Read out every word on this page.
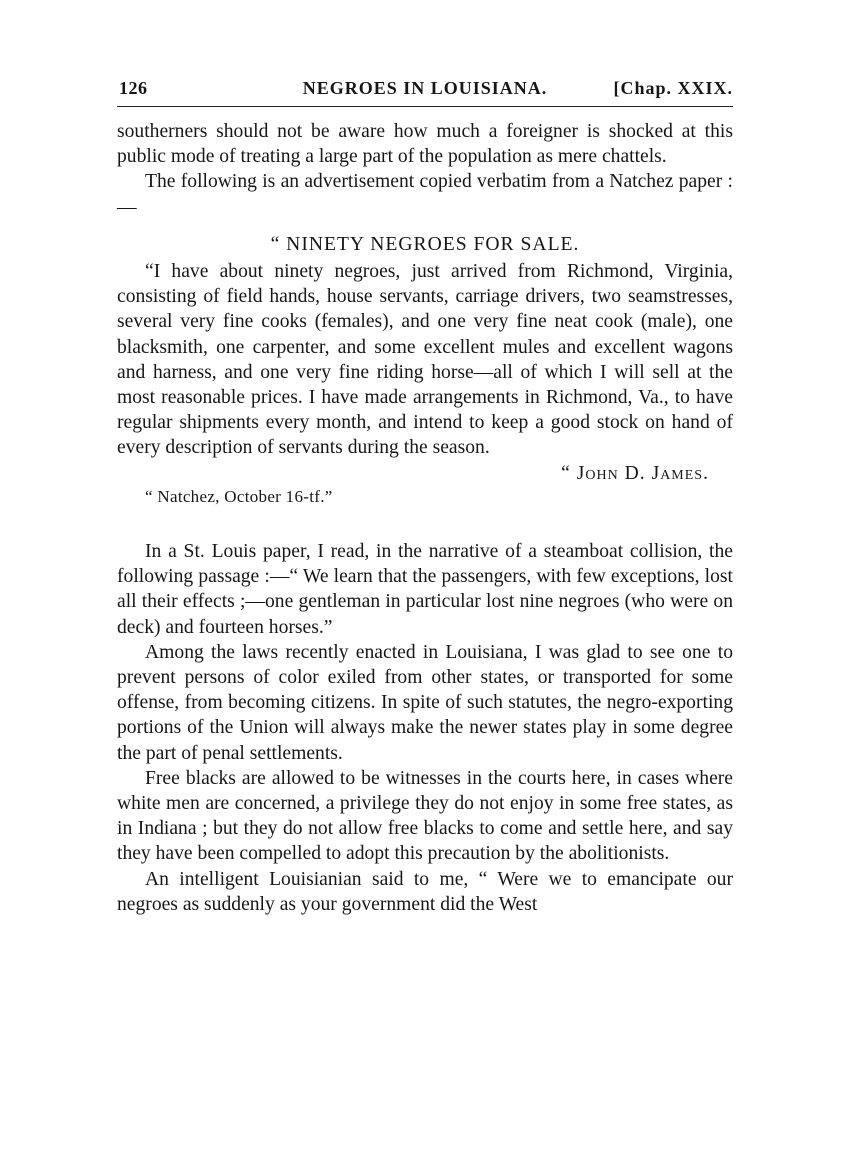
126	NEGROES IN LOUISIANA.	[Chap. XXIX.

southerners should not be aware how much a foreigner is shocked at this public mode of treating a large part of the population as mere chattels.

The following is an advertisement copied verbatim from a Natchez paper :—

“ NINETY NEGROES FOR SALE.

“I have about ninety negroes, just arrived from Richmond, Virginia, consisting of field hands, house servants, carriage drivers, two seamstresses, several very fine cooks (females), and one very fine neat cook (male), one blacksmith, one carpenter, and some excellent mules and excellent wagons and harness, and one very fine riding horse—all of which I will sell at the most reasonable prices. I have made arrangements in Richmond, Va., to have regular shipments every month, and intend to keep a good stock on hand of every description of servants during the season.

“ John D. James.

“ Natchez, October 16-tf.”

In a St. Louis paper, I read, in the narrative of a steamboat collision, the following passage :—“ We learn that the passengers, with few exceptions, lost all their effects ;—one gentleman in particular lost nine negroes (who were on deck) and fourteen horses.”

Among the laws recently enacted in Louisiana, I was glad to see one to prevent persons of color exiled from other states, or transported for some offense, from becoming citizens. In spite of such statutes, the negro-exporting portions of the Union will always make the newer states play in some degree the part of penal settlements.

Free blacks are allowed to be witnesses in the courts here, in cases where white men are concerned, a privilege they do not enjoy in some free states, as in Indiana ; but they do not allow free blacks to come and settle here, and say they have been compelled to adopt this precaution by the abolitionists.

An intelligent Louisianian said to me, “ Were we to emancipate our negroes as suddenly as your government did the West
